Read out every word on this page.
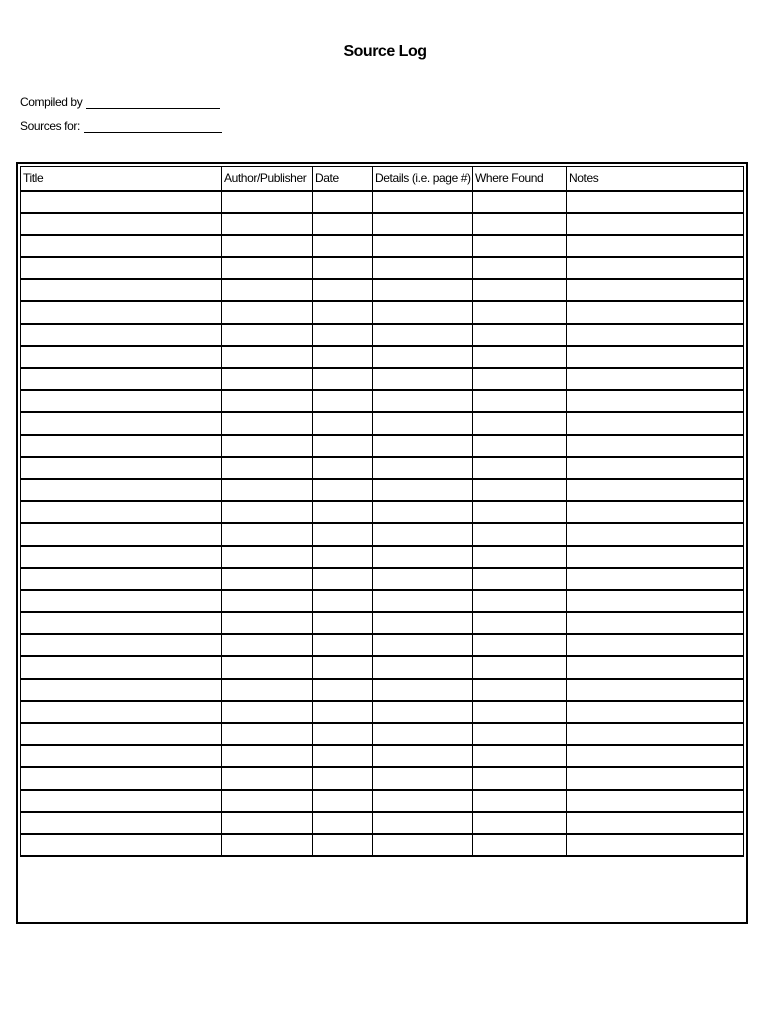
Source Log
Compiled by
Sources for:
Title	Author/Publisher	Date	Details (i.e. page #)	Where Found	Notes
